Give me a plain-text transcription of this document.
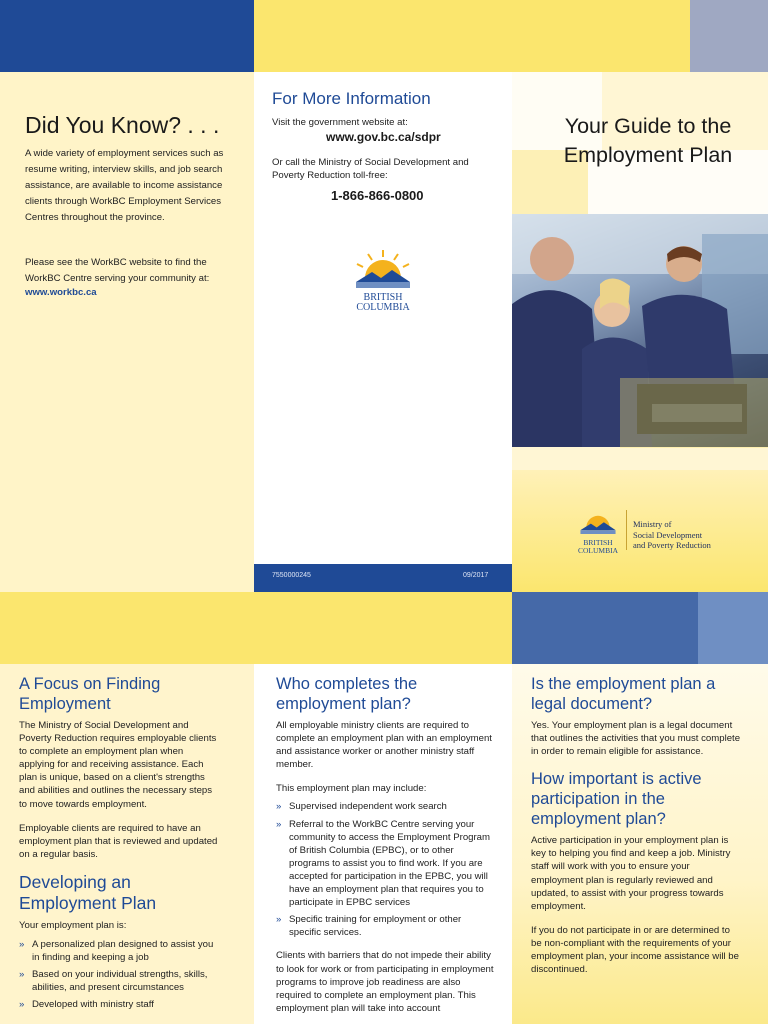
Did You Know? . . .

A wide variety of employment services such as resume writing, interview skills, and job search assistance, are available to income assistance clients through WorkBC Employment Services Centres throughout the province.

Please see the WorkBC website to find the WorkBC Centre serving your community at:

www.workbc.ca
For More Information

Visit the government website at:

www.gov.bc.ca/sdpr

Or call the Ministry of Social Development and Poverty Reduction toll-free:

1-866-866-0800
BRITISH
COLUMBIA
7550000245	09/2017
Your Guide to the Employment Plan
BRITISH
COLUMBIA
Ministry of
Social Development
and Poverty Reduction
A Focus on Finding Employment

The Ministry of Social Development and Poverty Reduction requires employable clients to complete an employment plan when applying for and receiving assistance. Each plan is unique, based on a client's strengths and abilities and outlines the necessary steps to move towards employment.

Employable clients are required to have an employment plan that is reviewed and updated on a regular basis.

Developing an Employment Plan

Your employment plan is:

» A personalized plan designed to assist you in finding and keeping a job
» Based on your individual strengths, skills, abilities, and present circumstances
» Developed with ministry staff
Who completes the employment plan?

All employable ministry clients are required to complete an employment plan with an employment and assistance worker or another ministry staff member.

This employment plan may include:

» Supervised independent work search
» Referral to the WorkBC Centre serving your community to access the Employment Program of British Columbia (EPBC), or to other programs to assist you to find work. If you are accepted for participation in the EPBC, you will have an employment plan that requires you to participate in EPBC services
» Specific training for employment or other specific services.

Clients with barriers that do not impede their ability to look for work or from participating in employment programs to improve job readiness are also required to complete an employment plan. This employment plan will take into account

Is the employment plan a legal document?

Yes. Your employment plan is a legal document that outlines the activities that you must complete in order to remain eligible for assistance.

How important is active participation in the employment plan?

Active participation in your employment plan is key to helping you find and keep a job. Ministry staff will work with you to ensure your employment plan is regularly reviewed and updated, to assist with your progress towards employment.

If you do not participate in or are determined to be non-compliant with the requirements of your employment plan, your income assistance will be discontinued.
